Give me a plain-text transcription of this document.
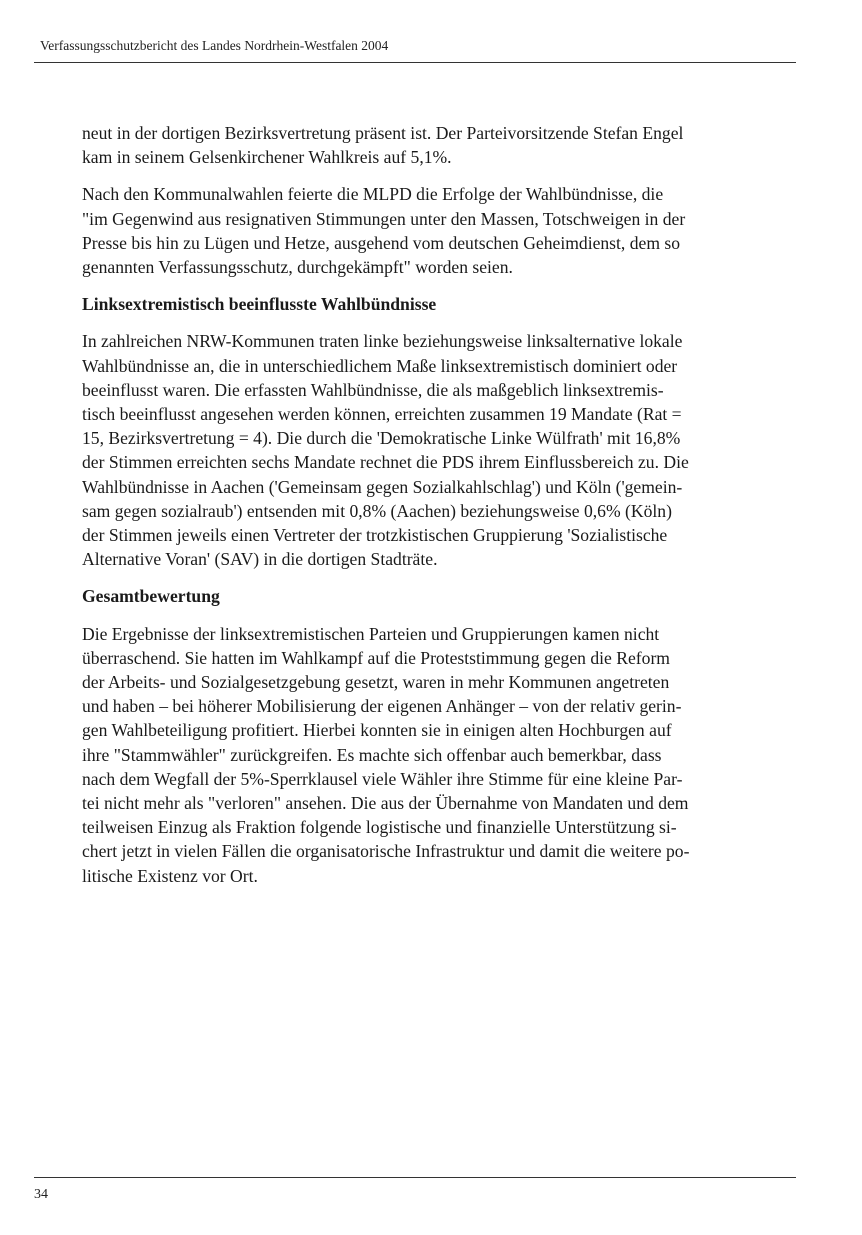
Verfassungsschutzbericht des Landes Nordrhein-Westfalen 2004

neut in der dortigen Bezirksvertretung präsent ist. Der Parteivorsitzende Stefan Engel
kam in seinem Gelsenkirchener Wahlkreis auf 5,1%.

Nach den Kommunalwahlen feierte die MLPD die Erfolge der Wahlbündnisse, die
"im Gegenwind aus resignativen Stimmungen unter den Massen, Totschweigen in der
Presse bis hin zu Lügen und Hetze, ausgehend vom deutschen Geheimdienst, dem so
genannten Verfassungsschutz, durchgekämpft" worden seien.

Linksextremistisch beeinflusste Wahlbündnisse

In zahlreichen NRW-Kommunen traten linke beziehungsweise linksalternative lokale
Wahlbündnisse an, die in unterschiedlichem Maße linksextremistisch dominiert oder
beeinflusst waren. Die erfassten Wahlbündnisse, die als maßgeblich linksextremis-
tisch beeinflusst angesehen werden können, erreichten zusammen 19 Mandate (Rat =
15, Bezirksvertretung = 4). Die durch die 'Demokratische Linke Wülfrath' mit 16,8%
der Stimmen erreichten sechs Mandate rechnet die PDS ihrem Einflussbereich zu. Die
Wahlbündnisse in Aachen ('Gemeinsam gegen Sozialkahlschlag') und Köln ('gemein-
sam gegen sozialraub') entsenden mit 0,8% (Aachen) beziehungsweise 0,6% (Köln)
der Stimmen jeweils einen Vertreter der trotzkistischen Gruppierung 'Sozialistische
Alternative Voran' (SAV) in die dortigen Stadträte.

Gesamtbewertung

Die Ergebnisse der linksextremistischen Parteien und Gruppierungen kamen nicht
überraschend. Sie hatten im Wahlkampf auf die Proteststimmung gegen die Reform
der Arbeits- und Sozialgesetzgebung gesetzt, waren in mehr Kommunen angetreten
und haben – bei höherer Mobilisierung der eigenen Anhänger – von der relativ gerin-
gen Wahlbeteiligung profitiert. Hierbei konnten sie in einigen alten Hochburgen auf
ihre "Stammwähler" zurückgreifen. Es machte sich offenbar auch bemerkbar, dass
nach dem Wegfall der 5%-Sperrklausel viele Wähler ihre Stimme für eine kleine Par-
tei nicht mehr als "verloren" ansehen. Die aus der Übernahme von Mandaten und dem
teilweisen Einzug als Fraktion folgende logistische und finanzielle Unterstützung si-
chert jetzt in vielen Fällen die organisatorische Infrastruktur und damit die weitere po-
litische Existenz vor Ort.

34
